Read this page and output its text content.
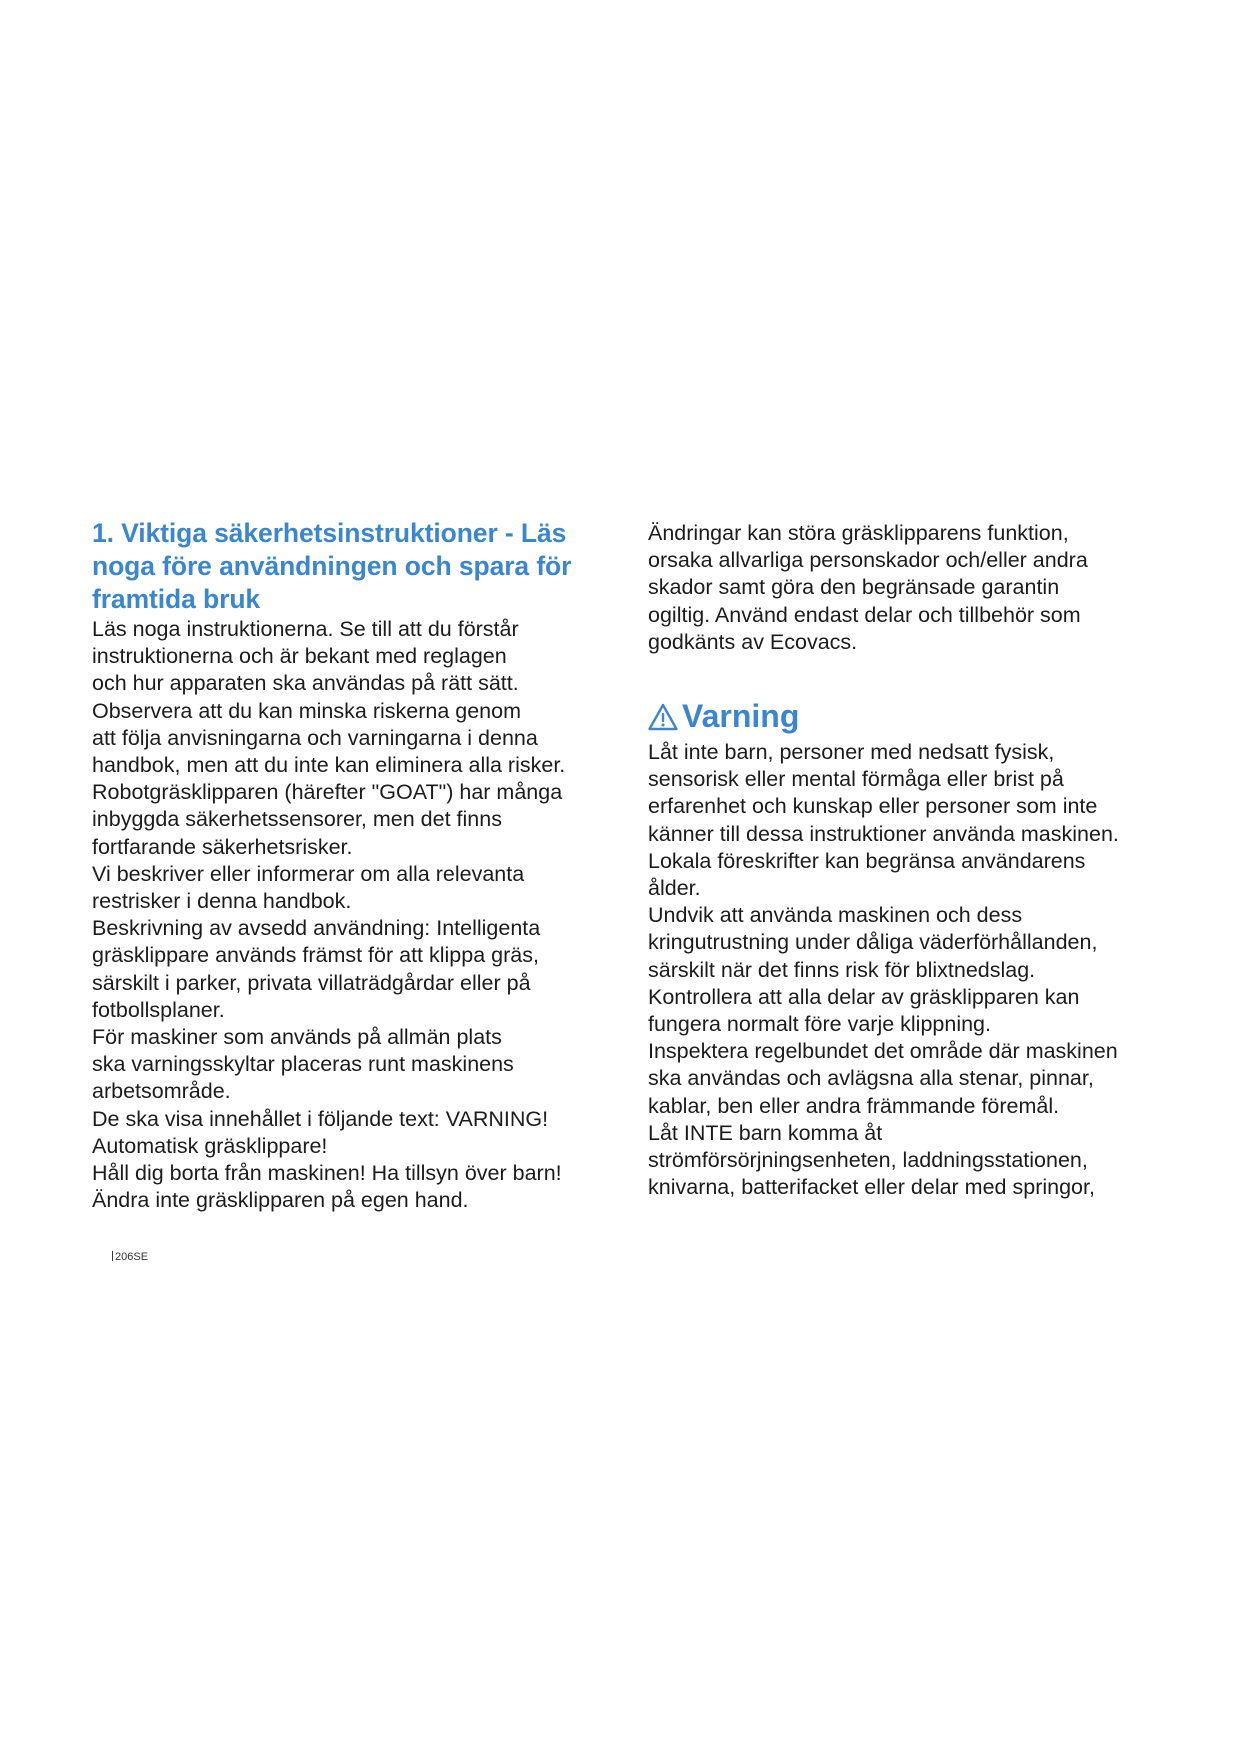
1. Viktiga säkerhetsinstruktioner - Läs
noga före användningen och spara för
framtida bruk
Läs noga instruktionerna. Se till att du förstår
instruktionerna och är bekant med reglagen
och hur apparaten ska användas på rätt sätt.
Observera att du kan minska riskerna genom
att följa anvisningarna och varningarna i denna
handbok, men att du inte kan eliminera alla risker.
Robotgräsklipparen (härefter "GOAT") har många
inbyggda säkerhetssensorer, men det finns
fortfarande säkerhetsrisker.
Vi beskriver eller informerar om alla relevanta
restrisker i denna handbok.
Beskrivning av avsedd användning: Intelligenta
gräsklippare används främst för att klippa gräs,
särskilt i parker, privata villaträdgårdar eller på
fotbollsplaner.
För maskiner som används på allmän plats
ska varningsskyltar placeras runt maskinens
arbetsområde.
De ska visa innehållet i följande text: VARNING!
Automatisk gräsklippare!
Håll dig borta från maskinen! Ha tillsyn över barn!
Ändra inte gräsklipparen på egen hand.
Ändringar kan störa gräsklipparens funktion,
orsaka allvarliga personskador och/eller andra
skador samt göra den begränsade garantin
ogiltig. Använd endast delar och tillbehör som
godkänts av Ecovacs.
Varning
Låt inte barn, personer med nedsatt fysisk,
sensorisk eller mental förmåga eller brist på
erfarenhet och kunskap eller personer som inte
känner till dessa instruktioner använda maskinen.
Lokala föreskrifter kan begränsa användarens
ålder.
Undvik att använda maskinen och dess
kringutrustning under dåliga väderförhållanden,
särskilt när det finns risk för blixtnedslag.
Kontrollera att alla delar av gräsklipparen kan
fungera normalt före varje klippning.
Inspektera regelbundet det område där maskinen
ska användas och avlägsna alla stenar, pinnar,
kablar, ben eller andra främmande föremål.
Låt INTE barn komma åt
strömförsörjningsenheten, laddningsstationen,
knivarna, batterifacket eller delar med springor,
206SE
